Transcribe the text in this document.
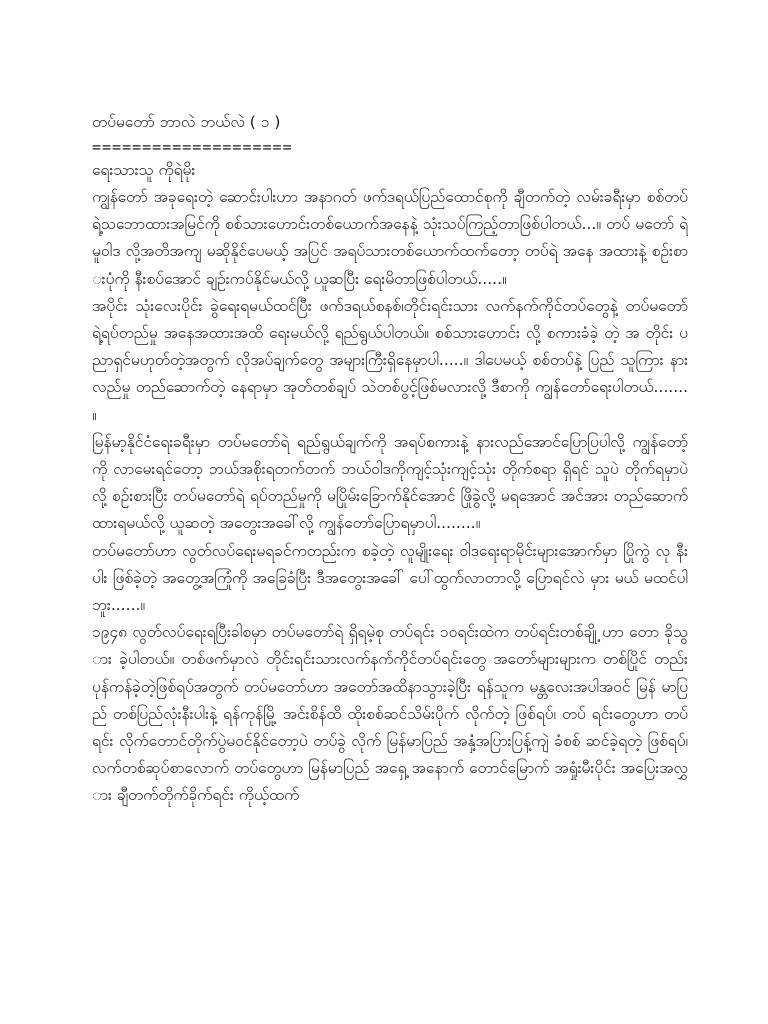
တပ်မတော် ဘာလဲ ဘယ်လဲ ( ၁ )
====================

ရေးသားသူ ကိုရဲမိုး

ကျွန်တော် အခုရေးတဲ့ ဆောင်းပါးဟာ အနာဂတ် ဖက်ဒရယ်ပြည်ထောင်စုကို ချီတက်တဲ့ လမ်းခရီးမှာ စစ်တပ်ရဲ့သဘောထားအမြင်ကို စစ်သားဟောင်းတစ်ယောက်အနေနဲ့ သုံးသပ်ကြည့်တာဖြစ်ပါတယ်...။ တပ် မတော် ရဲ မူဝါဒ လို့အတိအကျ မဆိုနိုင်ပေမယ့် အပြင် အရပ်သားတစ်ယောက်ထက်တော့ တပ်ရဲ အနေ အထားနဲ့ စဉ်းစားပုံကို နီးစပ်အောင် ချဉ်းကပ်နိုင်မယ်လို့ ယူဆပြီး ရေးမိတာဖြစ်ပါတယ်.....။

အပိုင်း သုံးလေးပိုင်း ခွဲရေးရမယ်ထင်ပြီး ဖက်ဒရယ်စနစ်၊တိုင်းရင်းသား လက်နက်ကိုင်တပ်တွေနဲ့ တပ်မတော် ရဲ့ရပ်တည်မှု အနေအထားအထိ ရေးမယ်လို့ ရည်ရွယ်ပါတယ်။ စစ်သားဟောင်း လို့ စကားခံခဲ့ တဲ့ အ တိုင်း ပညာရှင်မဟုတ်တဲ့အတွက် လိုအပ်ချက်တွေ အများကြီးရှိနေမှာပါ.....။ ဒါပေမယ့် စစ်တပ်နဲ့ ပြည် သူကြား နားလည်မှု တည်ဆောက်တဲ့ နေရာမှာ အုတ်တစ်ချပ် သဲတစ်ပွင့်ဖြစ်မလားလို့ ဒီစာကို ကျွန်တော်ရေးပါတယ်.......။

မြန်မာ့နိုင်ငံရေးခရီးမှာ တပ်မတော်ရဲ ရည်ရွယ်ချက်ကို အရပ်စကားနဲ့ နားလည်အောင်ပြောပြပါလို့ ကျွန်တော့်ကို လာမေးရင်တော့ ဘယ်အစိုးရတက်တက် ဘယ်ဝါဒကိုကျင့်သုံးကျင့်သုံး တိုက်စရာ ရှိရင် သူပဲ တိုက်ရမှာပဲလို့ စဉ်းစားပြီး တပ်မတော်ရဲ ရပ်တည်မှုကို မပြိုမ်းခြောက်နိုင်အောင် ဖြိုခွဲလို့ မရအောင် အင်အား တည်ဆောက် ထားရမယ်လို့ ယူဆတဲ့ အတွေးအခေါ်လို့ ကျွန်တော်ပြောရမှာပါ........။

တပ်မတော်ဟာ လွတ်လပ်ရေးမရခင်ကတည်းက စခဲ့တဲ့ လူမျိုးရေး ဝါဒရေးရာမိုင်းများအောက်မှာ ပြိုကွဲ လု နီးပါး ဖြစ်ခဲ့တဲ့ အတွေ့အကြုံကို အခြေခံပြီး ဒီအတွေးအခေါ် ပေါ်ထွက်လာတာလို့ ပြောရင်လဲ မှား မယ် မထင်ပါဘူး......။

၁၉၄၈ လွတ်လပ်ရေးရပြီးခါစမှာ တပ်မတော်ရဲ ရှိရမဲ့စု တပ်ရင်း ၁၀ရင်းထဲက တပ်ရင်းတစ်ချို့ ဟာ တော ခိုသွား ခဲ့ပါတယ်။ တစ်ဖက်မှာလဲ တိုင်းရင်းသားလက်နက်ကိုင်တပ်ရင်းတွေ အတော်များများက တစ်ပြိုင် တည်း ပုန်ကန်ခဲ့တဲ့ဖြစ်ရပ်အတွက် တပ်မတော်ဟာ အတော်အထိနာသွားခဲ့ပြီး ရန်သူက မန္တလေးအပါအဝင် မြန် မာပြည် တစ်ပြည်လုံးနီးပါးနဲ့ ရန်ကုန်မြို့ အင်းစိန်ထိ ထိုးစစ်ဆင်သိမ်းပိုက် လိုက်တဲ့ ဖြစ်ရပ်၊ တပ် ရင်းတွေဟာ တပ်ရင်း လိုက်တောင်တိုက်ပွဲမဝင်နိုင်တော့ပဲ တပ်ခွဲ လိုက် မြန်မာပြည် အနှံ့အပြားပြန့်ကျဲ ခံစစ် ဆင်ခဲ့ရတဲ့ ဖြစ်ရပ်၊ လက်တစ်ဆုပ်စာလောက် တပ်တွေဟာ မြန်မာပြည် အရှေ့ အနောက် တောင်မြောက် အရှုံးမီးပိုင်း အပြေးအလွှား ချီတက်တိုက်ခိုက်ရင်း ကိုယ့်ထက်
